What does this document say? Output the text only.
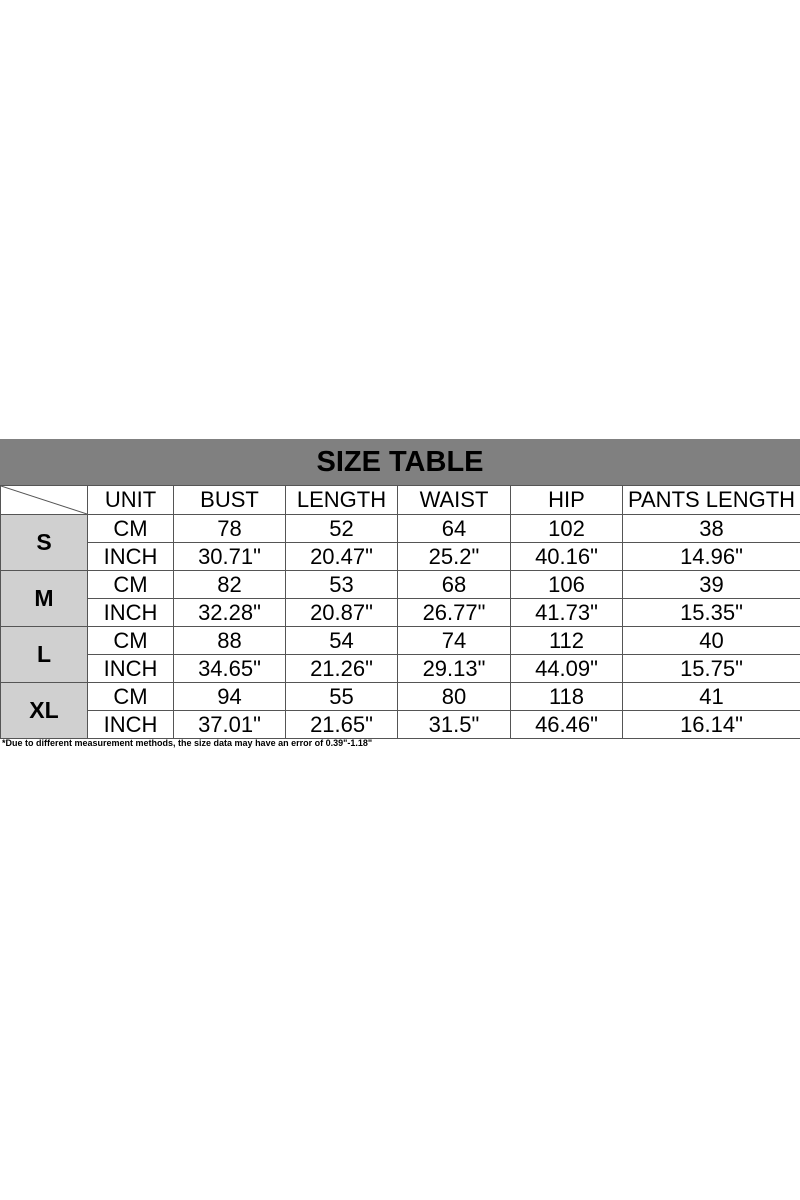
SIZE TABLE
	UNIT	BUST	LENGTH	WAIST	HIP	PANTS LENGTH
S	CM	78	52	64	102	38
	INCH	30.71"	20.47"	25.2"	40.16"	14.96"
M	CM	82	53	68	106	39
	INCH	32.28"	20.87"	26.77"	41.73"	15.35"
L	CM	88	54	74	112	40
	INCH	34.65"	21.26"	29.13"	44.09"	15.75"
XL	CM	94	55	80	118	41
	INCH	37.01"	21.65"	31.5"	46.46"	16.14"
*Due to different measurement methods, the size data may have an error of 0.39"-1.18"
